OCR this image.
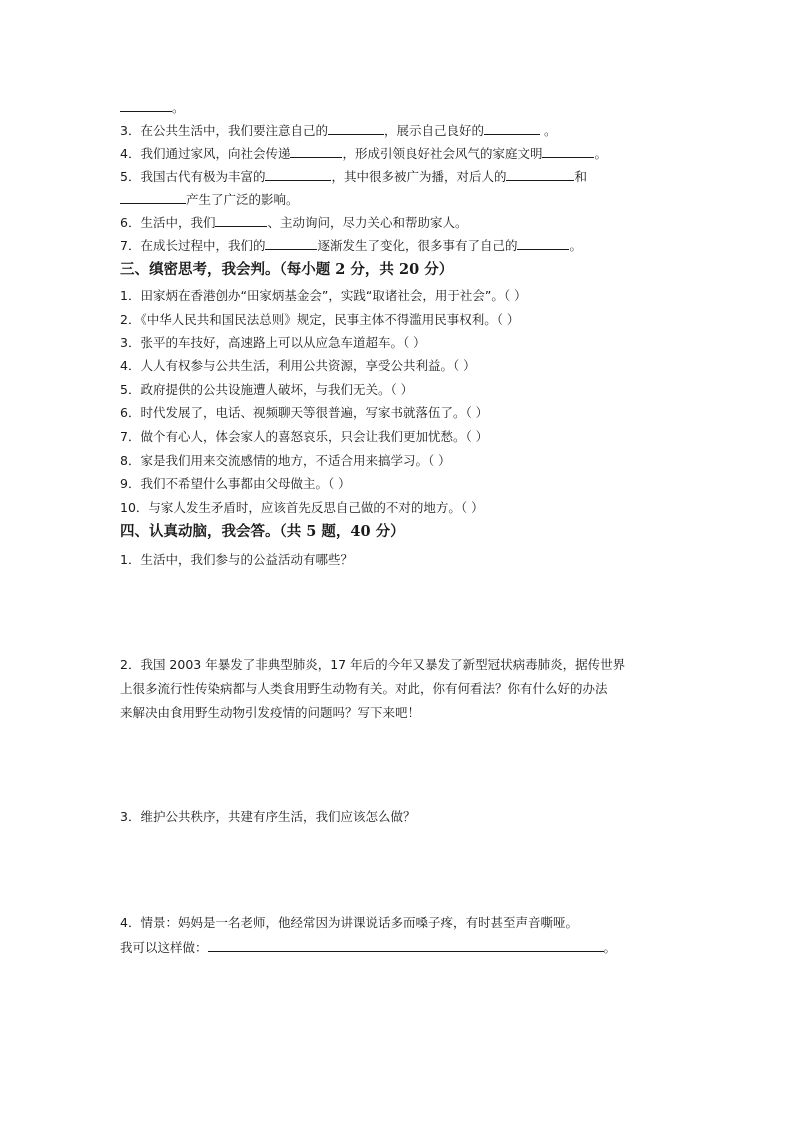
。
3．在公共生活中，我们要注意自己的	，展示自己良好的	。
4．我们通过家风，向社会传递	，形成引领良好社会风气的家庭文明	。
5．我国古代有极为丰富的	，其中很多被广为播，对后人的	和
产生了广泛的影响。
6．生活中，我们	、主动询问，尽力关心和帮助家人。
7．在成长过程中，我们的	逐渐发生了变化，很多事有了自己的	。
三、缜密思考，我会判。（每小题 2 分，共 20 分）
1．田家炳在香港创办“田家炳基金会”，实践“取诸社会，用于社会”。（ ）
2．《中华人民共和国民法总则》规定，民事主体不得滥用民事权利。（ ）
3．张平的车技好，高速路上可以从应急车道超车。（ ）
4．人人有权参与公共生活，利用公共资源，享受公共利益。（ ）
5．政府提供的公共设施遭人破坏，与我们无关。（ ）
6．时代发展了，电话、视频聊天等很普遍，写家书就落伍了。（ ）
7．做个有心人，体会家人的喜怒哀乐，只会让我们更加忧愁。（ ）
8．家是我们用来交流感情的地方，不适合用来搞学习。（ ）
9．我们不希望什么事都由父母做主。（ ）
10．与家人发生矛盾时，应该首先反思自己做的不对的地方。（ ）
四、认真动脑，我会答。（共 5 题，40 分）
1．生活中，我们参与的公益活动有哪些？
2．我国 2003 年暴发了非典型肺炎，17 年后的今年又暴发了新型冠状病毒肺炎，据传世界
上很多流行性传染病都与人类食用野生动物有关。对此，你有何看法？你有什么好的办法
来解决由食用野生动物引发疫情的问题吗？写下来吧！
3．维护公共秩序，共建有序生活，我们应该怎么做？
4．情景：妈妈是一名老师，他经常因为讲课说话多而嗓子疼，有时甚至声音嘶哑。
我可以这样做：	。
